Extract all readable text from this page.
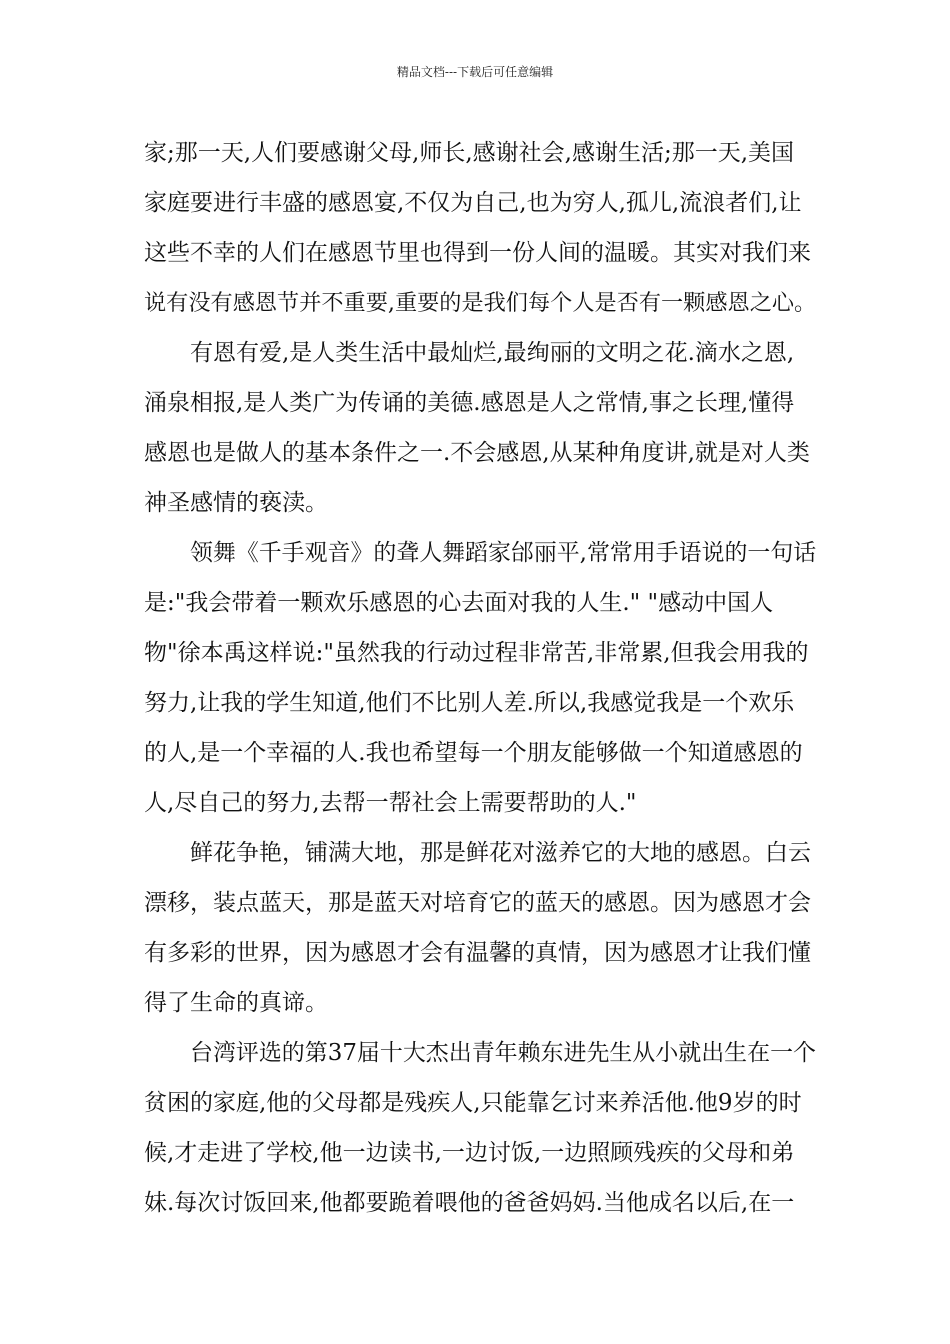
精品文档---下载后可任意编辑
家;那一天,人们要感谢父母,师长,感谢社会,感谢生活;那一天,美国
家庭要进行丰盛的感恩宴,不仅为自己,也为穷人,孤儿,流浪者们,让
这些不幸的人们在感恩节里也得到一份人间的温暖。其实对我们来
说有没有感恩节并不重要,重要的是我们每个人是否有一颗感恩之心。
有恩有爱,是人类生活中最灿烂,最绚丽的文明之花.滴水之恩,
涌泉相报,是人类广为传诵的美德.感恩是人之常情,事之长理,懂得
感恩也是做人的基本条件之一.不会感恩,从某种角度讲,就是对人类
神圣感情的亵渎。
领舞《千手观音》的聋人舞蹈家邰丽平,常常用手语说的一句话
是:"我会带着一颗欢乐感恩的心去面对我的人生." "感动中国人
物"徐本禹这样说:"虽然我的行动过程非常苦,非常累,但我会用我的
努力,让我的学生知道,他们不比别人差.所以,我感觉我是一个欢乐
的人,是一个幸福的人.我也希望每一个朋友能够做一个知道感恩的
人,尽自己的努力,去帮一帮社会上需要帮助的人."
鲜花争艳，铺满大地，那是鲜花对滋养它的大地的感恩。白云
漂移，装点蓝天，那是蓝天对培育它的蓝天的感恩。因为感恩才会
有多彩的世界，因为感恩才会有温馨的真情，因为感恩才让我们懂
得了生命的真谛。
台湾评选的第37届十大杰出青年赖东进先生从小就出生在一个
贫困的家庭,他的父母都是残疾人,只能靠乞讨来养活他.他9岁的时
候,才走进了学校,他一边读书,一边讨饭,一边照顾残疾的父母和弟
妹.每次讨饭回来,他都要跪着喂他的爸爸妈妈.当他成名以后,在一
